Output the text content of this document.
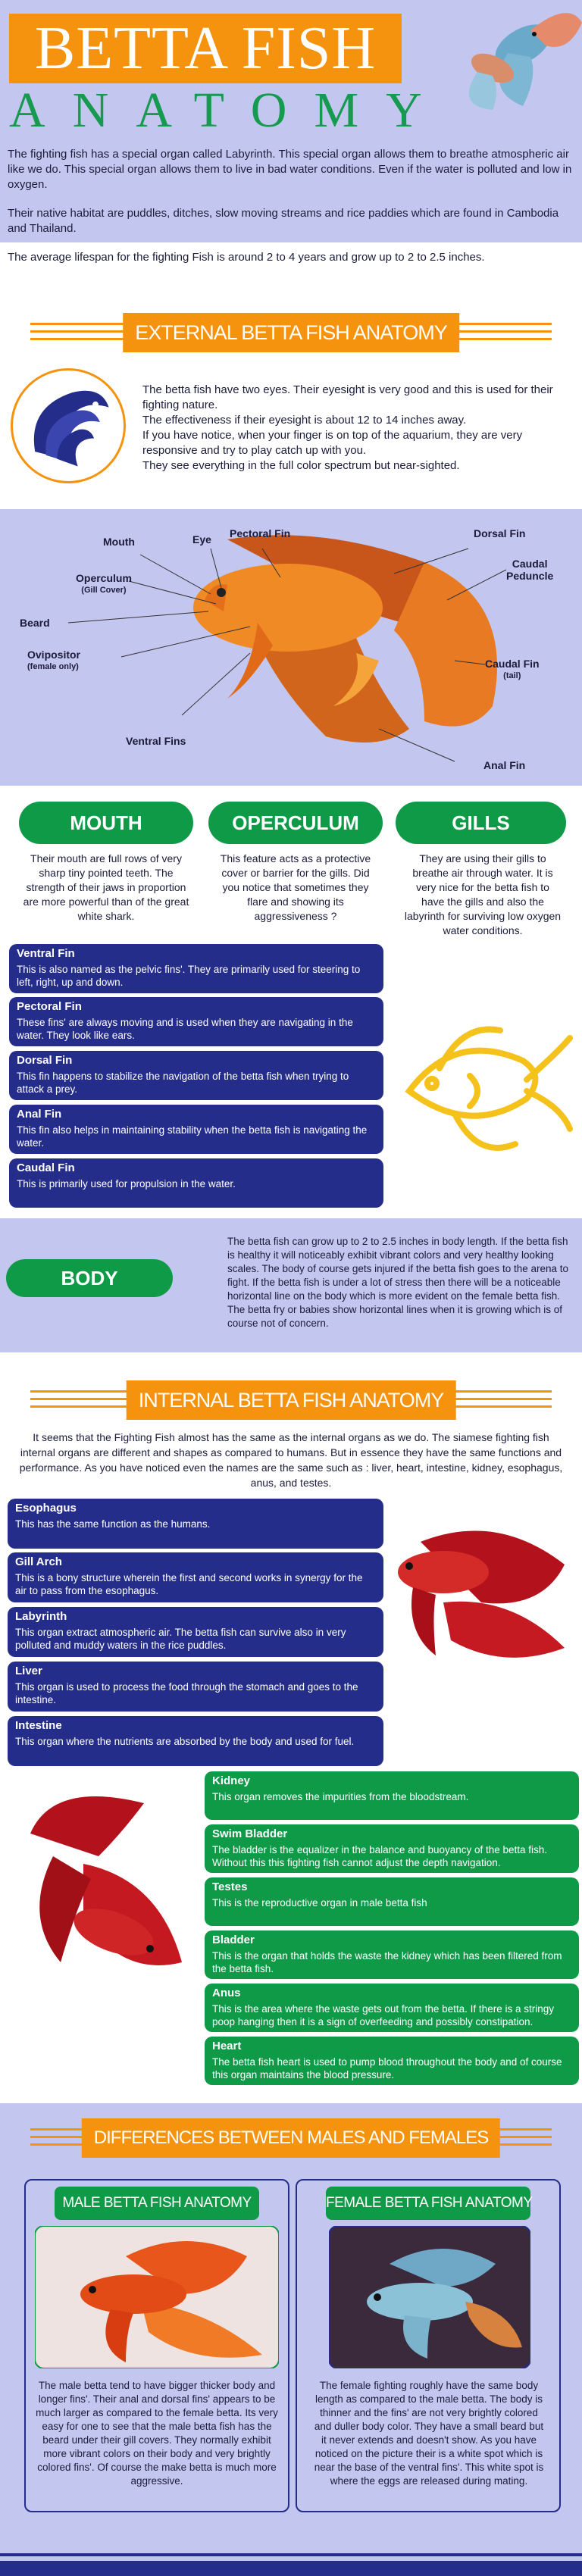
BETTA FISH
ANATOMY

The fighting fish has a special organ called Labyrinth. This special organ allows them to breathe atmospheric air like we do. This special organ allows them to live in bad water conditions. Even if the water is polluted and low in oxygen.

Their native habitat are puddles, ditches, slow moving streams and rice paddies which are found in Cambodia and Thailand.

The average lifespan for the fighting Fish is around 2 to 4 years and grow up to 2 to 2.5 inches.

EXTERNAL BETTA FISH ANATOMY
The betta fish have two eyes. Their eyesight is very good and this is used for their fighting nature.
The effectiveness if their eyesight is about 12 to 14 inches away.
If you have notice, when your finger is on top of the aquarium, they are very responsive and try to play catch up with you.
They see everything in the full color spectrum but near-sighted.
Mouth	Eye Pectoral Fin	Dorsal Fin
Caudal
Peduncle
Operculum
(Gill Cover)
Beard
Ovipositor
(female only)	Caudal Fin
(tail)
Ventral Fins
Anal Fin
MOUTH	OPERCULUM	GILLS
Their mouth are full rows of very sharp tiny pointed teeth. The strength of their jaws in proportion are more powerful than of the great white shark.
This feature acts as a protective cover or barrier for the gills. Did you notice that sometimes they flare and showing its aggressiveness ?
They are using their gills to breathe air through water. It is very nice for the betta fish to have the gills and also the labyrinth for surviving low oxygen water conditions.
Ventral Fin
This is also named as the pelvic fins'. They are primarily used for steering to left, right, up and down.
Pectoral Fin
These fins' are always moving and is used when they are navigating in the water. They look like ears.
Dorsal Fin
This fin happens to stabilize the navigation of the betta fish when trying to attack a prey.
Anal Fin
This fin also helps in maintaining stability when the betta fish is navigating the water.
Caudal Fin
This is primarily used for propulsion in the water.
BODY
The betta fish can grow up to 2 to 2.5 inches in body length. If the betta fish is healthy it will noticeably exhibit vibrant colors and very healthy looking scales. The body of course gets injured if the betta fish goes to the arena to fight. If the betta fish is under a lot of stress then there will be a noticeable horizontal line on the body which is more evident on the female betta fish. The betta fry or babies show horizontal lines when it is growing which is of course not of concern.
INTERNAL BETTA FISH ANATOMY
It seems that the Fighting Fish almost has the same as the internal organs as we do. The siamese fighting fish internal organs are different and shapes as compared to humans. But in essence they have the same functions and performance. As you have noticed even the names are the same such as : liver, heart, intestine, kidney, esophagus, anus, and testes.
Esophagus
This has the same function as the humans.
Gill Arch
This is a bony structure wherein the first and second works in synergy for the air to pass from the esophagus.
Labyrinth
This organ extract atmospheric air. The betta fish can survive also in very polluted and muddy waters in the rice puddles.
Liver
This organ is used to process the food through the stomach and goes to the intestine.
Intestine
This organ where the nutrients are absorbed by the body and used for fuel.
Kidney
This organ removes the impurities from the bloodstream.
Swim Bladder
The bladder is the equalizer in the balance and buoyancy of the betta fish. Without this this fighting fish cannot adjust the depth navigation.
Testes
This is the reproductive organ in male betta fish
Bladder
This is the organ that holds the waste the kidney which has been filtered from the betta fish.
Anus
This is the area where the waste gets out from the betta. If there is a stringy poop hanging then it is a sign of overfeeding and possibly constipation.
Heart
The betta fish heart is used to pump blood throughout the body and of course this organ maintains the blood pressure.
DIFFERENCES BETWEEN MALES AND FEMALES
MALE BETTA FISH ANATOMY
The male betta tend to have bigger thicker body and longer fins'. Their anal and dorsal fins' appears to be much larger as compared to the female betta. Its very easy for one to see that the male betta fish has the beard under their gill covers. They normally exhibit more vibrant colors on their body and very brightly colored fins'. Of course the make betta is much more aggressive.
FEMALE BETTA FISH ANATOMY
The female fighting roughly have the same body length as compared to the male betta. The body is thinner and the fins' are not very brightly colored and duller body color. They have a small beard but it never extends and doesn't show. As you have noticed on the picture their is a white spot which is near the base of the ventral fins'. This white spot is where the eggs are released during mating.
